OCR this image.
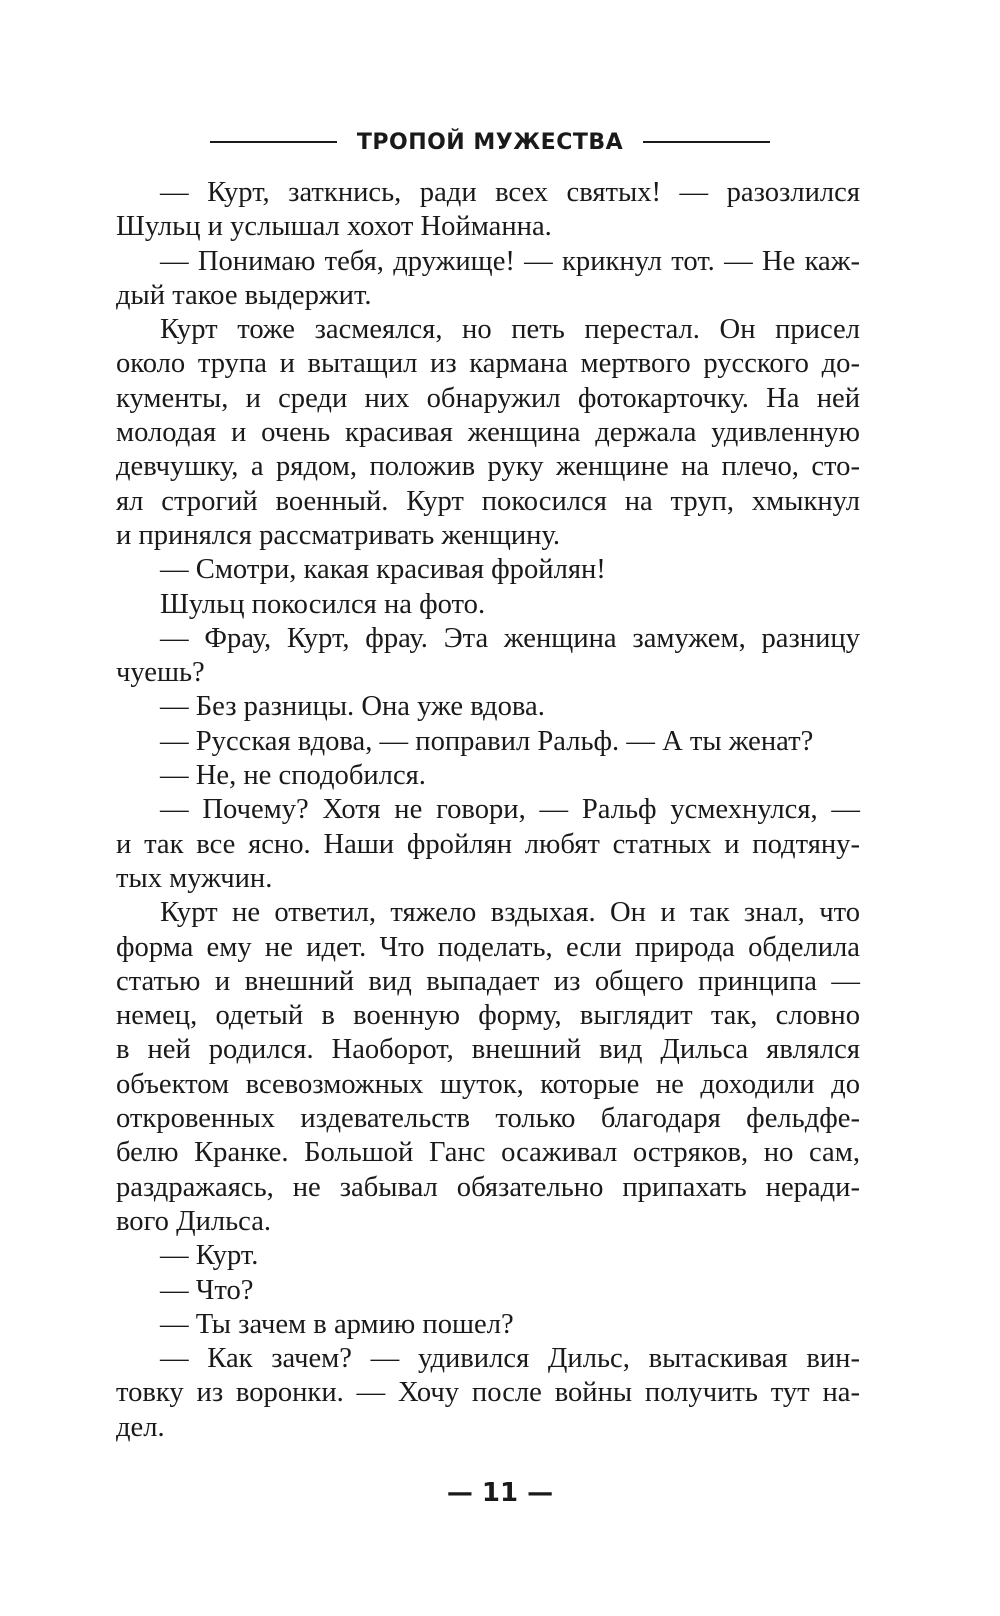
ТРОПОЙ МУЖЕСТВА
— Курт, заткнись, ради всех святых! — разозлился
Шульц и услышал хохот Нойманна.
— Понимаю тебя, дружище! — крикнул тот. — Не каж-
дый такое выдержит.
Курт тоже засмеялся, но петь перестал. Он присел
около трупа и вытащил из кармана мертвого русского до-
кументы, и среди них обнаружил фотокарточку. На ней
молодая и очень красивая женщина держала удивленную
девчушку, а рядом, положив руку женщине на плечо, сто-
ял строгий военный. Курт покосился на труп, хмыкнул
и принялся рассматривать женщину.
— Смотри, какая красивая фройлян!
Шульц покосился на фото.
— Фрау, Курт, фрау. Эта женщина замужем, разницу
чуешь?
— Без разницы. Она уже вдова.
— Русская вдова, — поправил Ральф. — А ты женат?
— Не, не сподобился.
— Почему? Хотя не говори, — Ральф усмехнулся, —
и так все ясно. Наши фройлян любят статных и подтяну-
тых мужчин.
Курт не ответил, тяжело вздыхая. Он и так знал, что
форма ему не идет. Что поделать, если природа обделила
статью и внешний вид выпадает из общего принципа —
немец, одетый в военную форму, выглядит так, словно
в ней родился. Наоборот, внешний вид Дильса являлся
объектом всевозможных шуток, которые не доходили до
откровенных издевательств только благодаря фельдфе-
белю Кранке. Большой Ганс осаживал остряков, но сам,
раздражаясь, не забывал обязательно припахать нeради-
вого Дильса.
— Курт.
— Что?
— Ты зачем в армию пошел?
— Как зачем? — удивился Дильс, вытаскивая вин-
товку из воронки. — Хочу после войны получить тут на-
дел.
— 11 —
